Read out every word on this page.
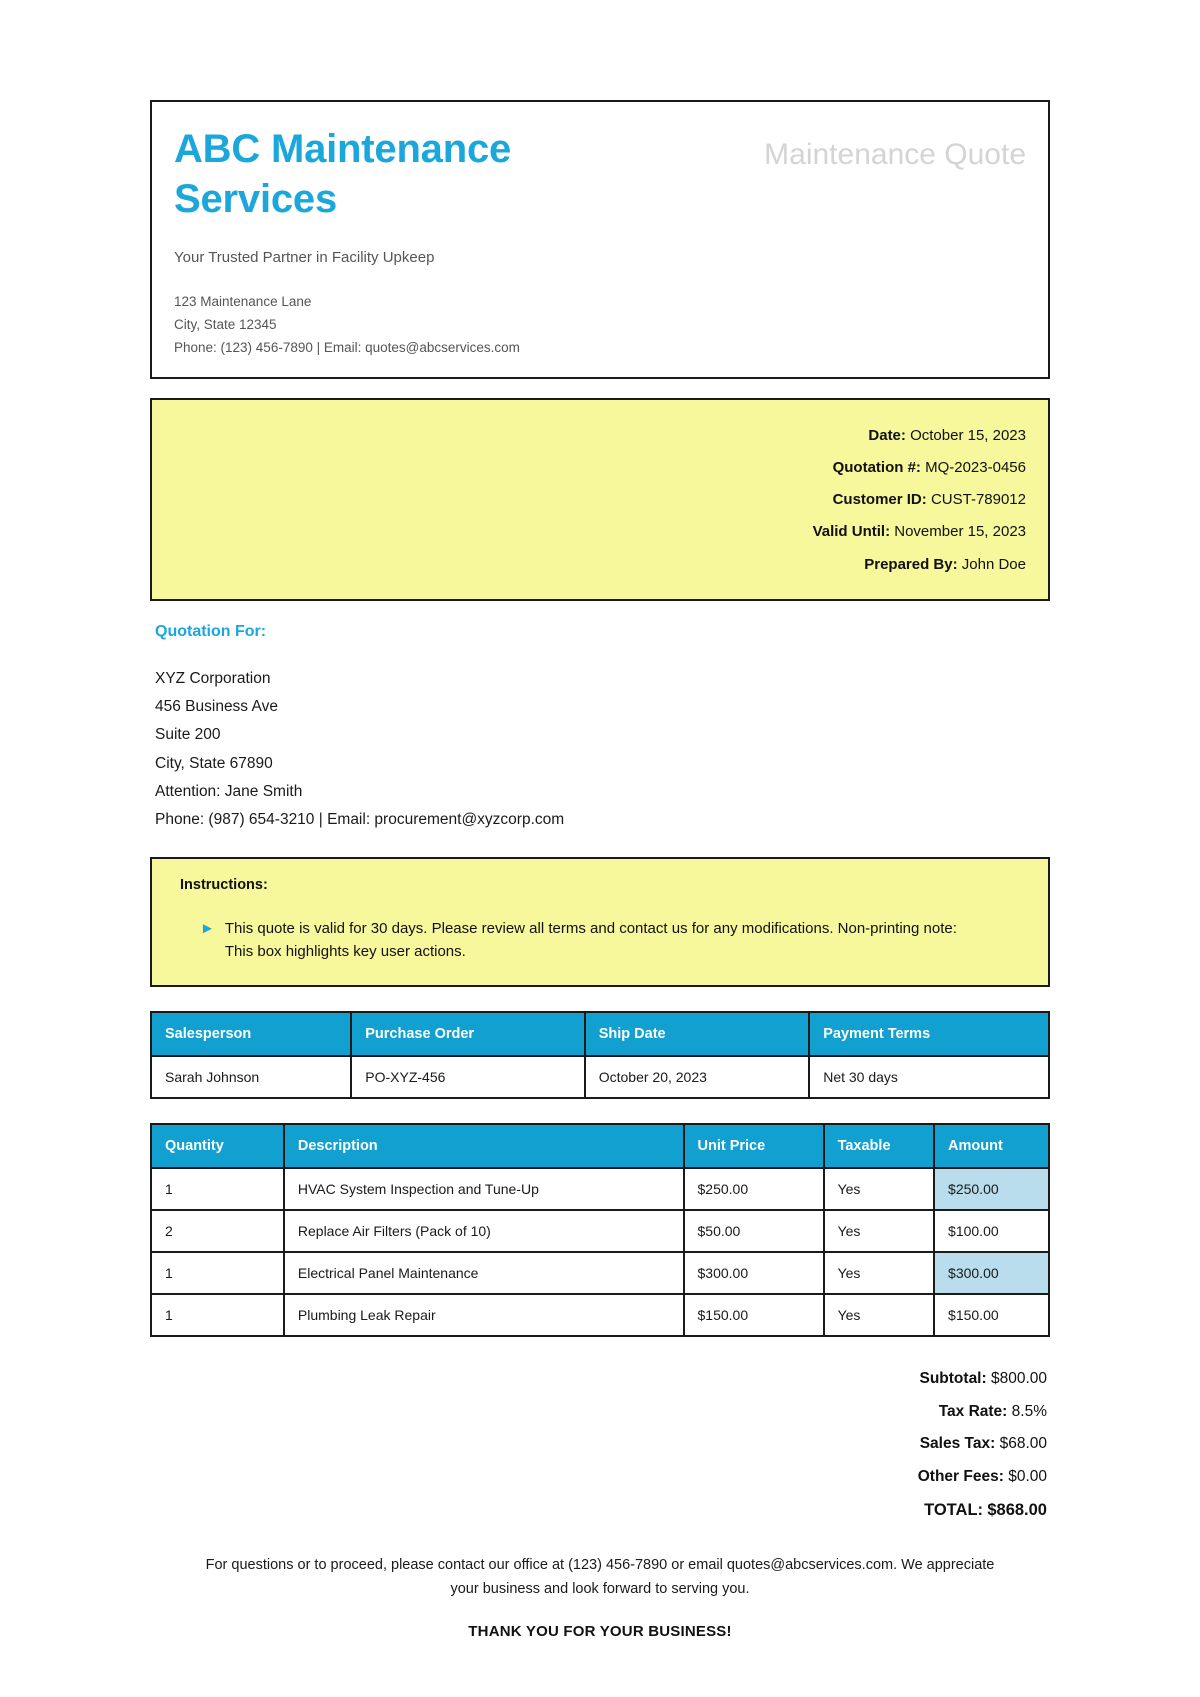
ABC Maintenance Services
Your Trusted Partner in Facility Upkeep
123 Maintenance Lane
City, State 12345
Phone: (123) 456-7890 | Email: quotes@abcservices.com
Maintenance Quote
Date: October 15, 2023
Quotation #: MQ-2023-0456
Customer ID: CUST-789012
Valid Until: November 15, 2023
Prepared By: John Doe
Quotation For:
XYZ Corporation
456 Business Ave
Suite 200
City, State 67890
Attention: Jane Smith
Phone: (987) 654-3210 | Email: procurement@xyzcorp.com
Instructions:
► This quote is valid for 30 days. Please review all terms and contact us for any modifications. Non-printing note: This box highlights key user actions.
Salesperson	Purchase Order	Ship Date	Payment Terms
Sarah Johnson	PO-XYZ-456	October 20, 2023	Net 30 days
Quantity	Description	Unit Price	Taxable	Amount
1	HVAC System Inspection and Tune-Up	$250.00	Yes	$250.00
2	Replace Air Filters (Pack of 10)	$50.00	Yes	$100.00
1	Electrical Panel Maintenance	$300.00	Yes	$300.00
1	Plumbing Leak Repair	$150.00	Yes	$150.00
Subtotal: $800.00
Tax Rate: 8.5%
Sales Tax: $68.00
Other Fees: $0.00
TOTAL: $868.00
For questions or to proceed, please contact our office at (123) 456-7890 or email quotes@abcservices.com. We appreciate your business and look forward to serving you.
THANK YOU FOR YOUR BUSINESS!
